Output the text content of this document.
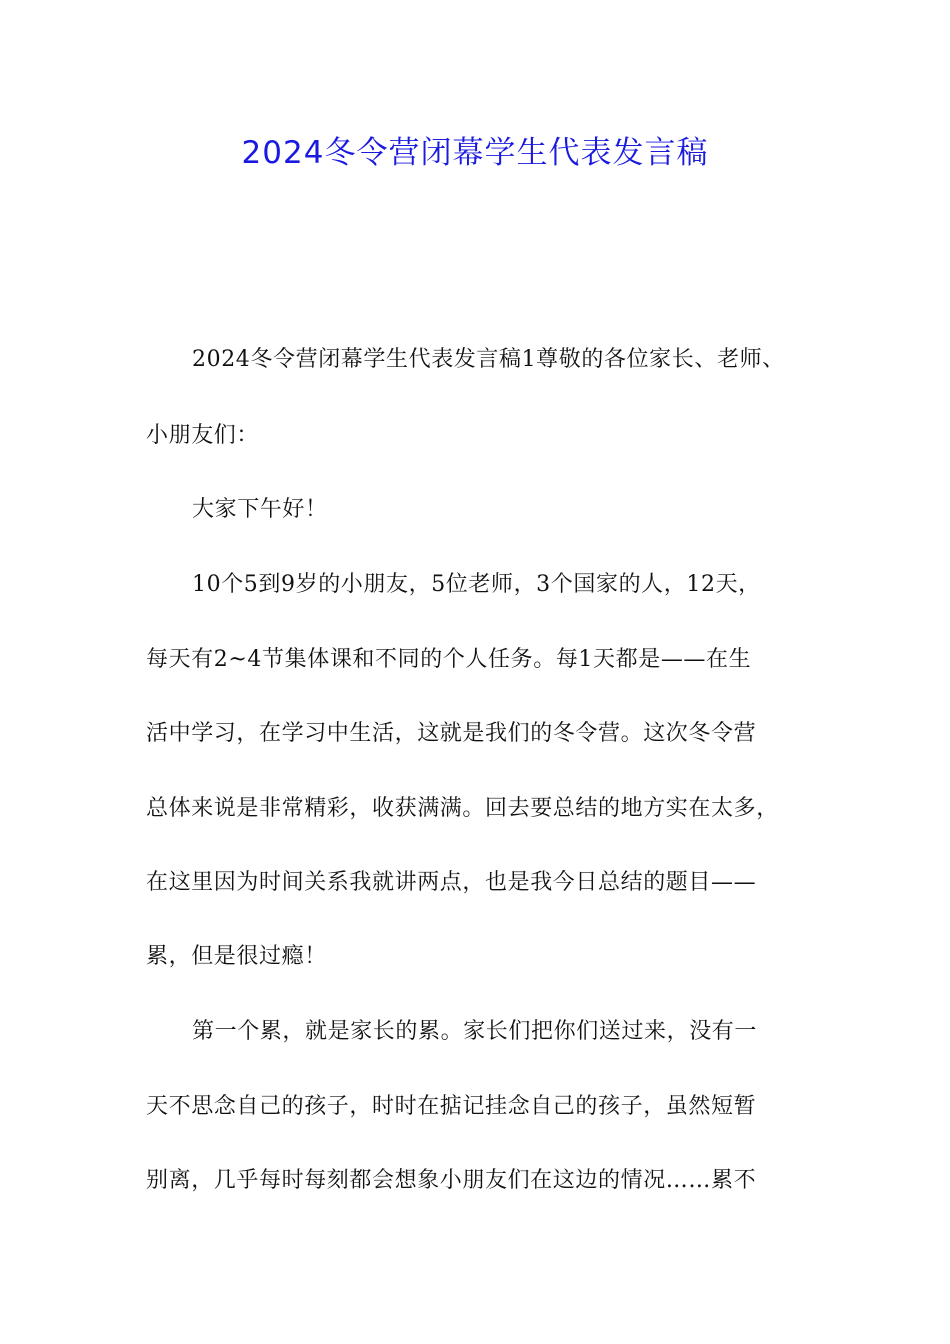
2024冬令营闭幕学生代表发言稿
2024冬令营闭幕学生代表发言稿1尊敬的各位家长、老师、
小朋友们：
大家下午好！
10个5到9岁的小朋友，5位老师，3个国家的人，12天，
每天有2~4节集体课和不同的个人任务。每1天都是——在生
活中学习，在学习中生活，这就是我们的冬令营。这次冬令营
总体来说是非常精彩，收获满满。回去要总结的地方实在太多，
在这里因为时间关系我就讲两点，也是我今日总结的题目——
累，但是很过瘾！
第一个累，就是家长的累。家长们把你们送过来，没有一
天不思念自己的孩子，时时在掂记挂念自己的孩子，虽然短暂
别离，几乎每时每刻都会想象小朋友们在这边的情况……累不
